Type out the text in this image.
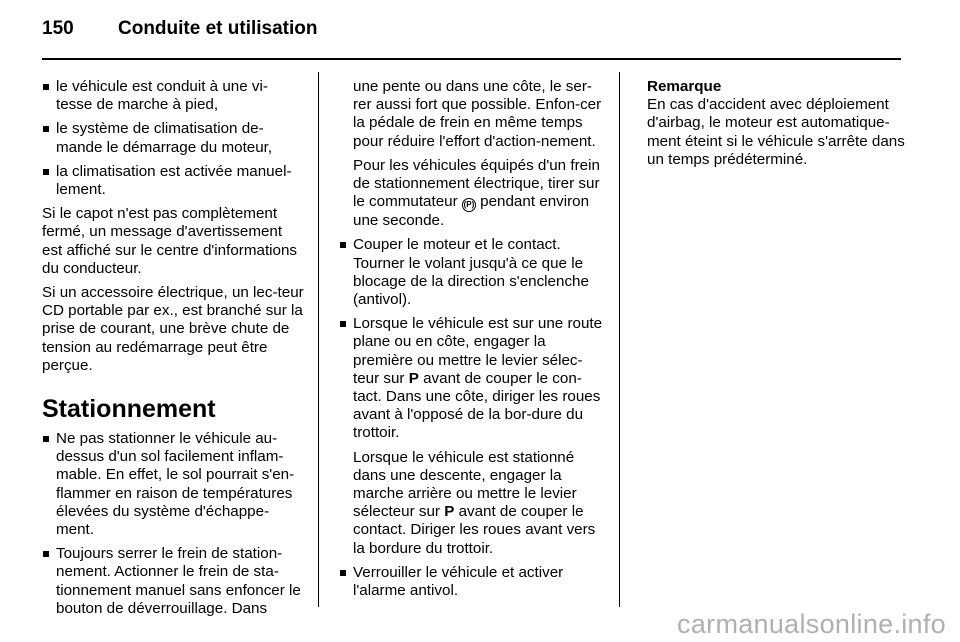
150 Conduite et utilisation
le véhicule est conduit à une vi-tesse de marche à pied,
le système de climatisation de-mande le démarrage du moteur,
la climatisation est activée manuel-lement.

Si le capot n'est pas complètement fermé, un message d'avertissement est affiché sur le centre d'informations du conducteur.

Si un accessoire électrique, un lec-teur CD portable par ex., est branché sur la prise de courant, une brève chute de tension au redémarrage peut être perçue.

Stationnement
Ne pas stationner le véhicule au-dessus d'un sol facilement inflam-mable. En effet, le sol pourrait s'en-flammer en raison de températures élevées du système d'échappe-ment.
Toujours serrer le frein de station-nement. Actionner le frein de sta-tionnement manuel sans enfoncer le bouton de déverrouillage. Dans
une pente ou dans une côte, le ser-rer aussi fort que possible. Enfon-cer la pédale de frein en même temps pour réduire l'effort d'action-nement.
Pour les véhicules équipés d'un frein de stationnement électrique, tirer sur le commutateur (P) pendant environ une seconde.
Couper le moteur et le contact. Tourner le volant jusqu'à ce que le blocage de la direction s'enclenche (antivol).
Lorsque le véhicule est sur une route plane ou en côte, engager la première ou mettre le levier sélec-teur sur P avant de couper le con-tact. Dans une côte, diriger les roues avant à l'opposé de la bor-dure du trottoir.
Lorsque le véhicule est stationné dans une descente, engager la marche arrière ou mettre le levier sélecteur sur P avant de couper le contact. Diriger les roues avant vers la bordure du trottoir.
Verrouiller le véhicule et activer l'alarme antivol.

Remarque

En cas d'accident avec déploiement d'airbag, le moteur est automatique-ment éteint si le véhicule s'arrête dans un temps prédéterminé.

carmanualsonline.info
